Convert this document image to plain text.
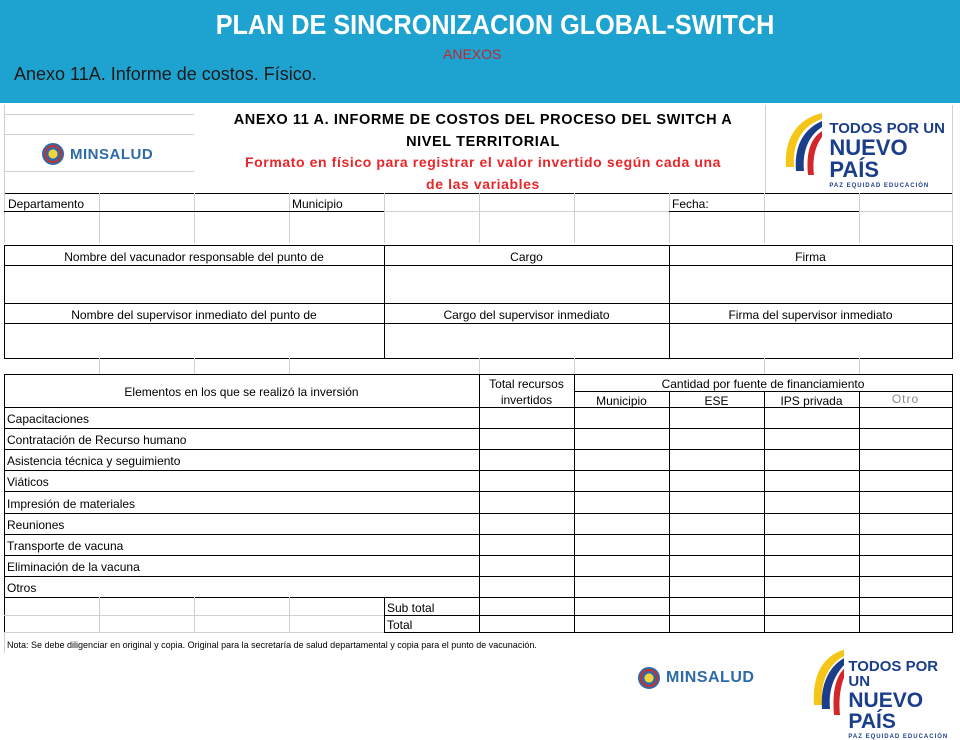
PLAN DE SINCRONIZACION GLOBAL-SWITCH
ANEXOS
Anexo 11A. Informe de costos. Físico.
MINSALUD
ANEXO 11 A. INFORME DE COSTOS DEL PROCESO DEL SWITCH A
NIVEL TERRITORIAL
Formato en físico para registrar el valor invertido según cada una
de las variables
TODOS POR UN
NUEVO PAÍS
PAZ EQUIDAD EDUCACIÓN
Departamento	Municipio	Fecha:
Nombre del vacunador responsable del punto de	Cargo	Firma
Nombre del supervisor inmediato del punto de	Cargo del supervisor inmediato	Firma del supervisor inmediato
Elementos en los que se realizó la inversión
Total recursos
invertidos
Cantidad por fuente de financiamiento
Municipio	ESE	IPS privada	Otro
Capacitaciones
Contratación de Recurso humano
Asistencia técnica y seguimiento
Viáticos
Impresión de materiales
Reuniones
Transporte de vacuna
Eliminación de la vacuna
Otros
Sub total
Total
Nota: Se debe diligenciar en original y copia. Original para la secretaría de salud departamental y copia para el punto de vacunación.
MINSALUD
TODOS POR UN
NUEVO PAÍS
PAZ EQUIDAD EDUCACIÓN
